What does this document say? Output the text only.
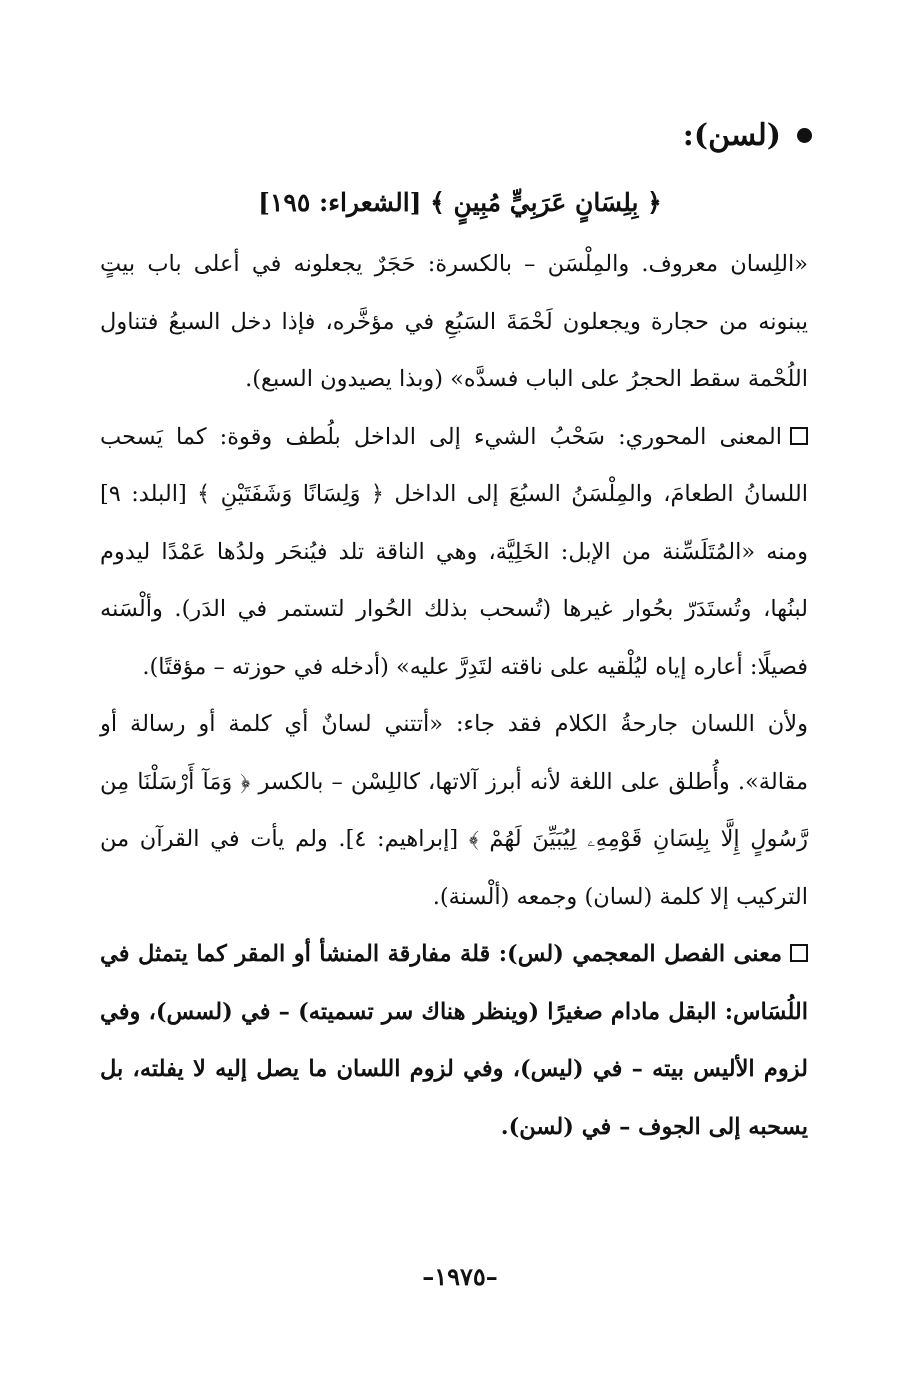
(لسن):
﴿ بِلِسَانٍ عَرَبِيٍّ مُبِينٍ ﴾ [الشعراء: ١٩٥]

«اللِسان معروف. والمِلْسَن – بالكسرة: حَجَرٌ يجعلونه في أعلى باب بيتٍ يبنونه من حجارة ويجعلون لَحْمَةَ السَبُعِ في مؤخَّره، فإذا دخل السبعُ فتناول اللُحْمة سقط الحجرُ على الباب فسدَّه» (وبذا يصيدون السبع).

المعنى المحوري: سَحْبُ الشيء إلى الداخل بلُطف وقوة: كما يَسحب اللسانُ الطعامَ، والمِلْسَنُ السبُعَ إلى الداخل ﴿ وَلِسَانًا وَشَفَتَيْنِ ﴾ [البلد: ٩] ومنه «المُتَلَسِّنة من الإبل: الخَلِيَّة، وهي الناقة تلد فيُنحَر ولدُها عَمْدًا ليدوم لبنُها، وتُستَدَرّ بحُوار غيرها (تُسحب بذلك الحُوار لتستمر في الدَر). وألْسَنه فصيلًا: أعاره إياه ليُلْقيه على ناقته لتَدِرَّ عليه» (أدخله في حوزته – مؤقتًا).

ولأن اللسان جارحةُ الكلام فقد جاء: «أتتني لسانٌ أي كلمة أو رسالة أو مقالة». وأُطلق على اللغة لأنه أبرز آلاتها، كاللِسْن – بالكسر ﴿ وَمَآ أَرْسَلْنَا مِن رَّسُولٍ إِلَّا بِلِسَانِ قَوْمِهِۦ لِيُبَيِّنَ لَهُمْ ﴾ [إبراهيم: ٤]. ولم يأت في القرآن من التركيب إلا كلمة (لسان) وجمعه (ألْسنة).

معنى الفصل المعجمي (لس): قلة مفارقة المنشأ أو المقر كما يتمثل في اللُسَاس: البقل مادام صغيرًا (وينظر هناك سر تسميته) – في (لسس)، وفي لزوم الأليس بيته – في (ليس)، وفي لزوم اللسان ما يصل إليه لا يفلته، بل يسحبه إلى الجوف – في (لسن).

–١٩٧٥–
